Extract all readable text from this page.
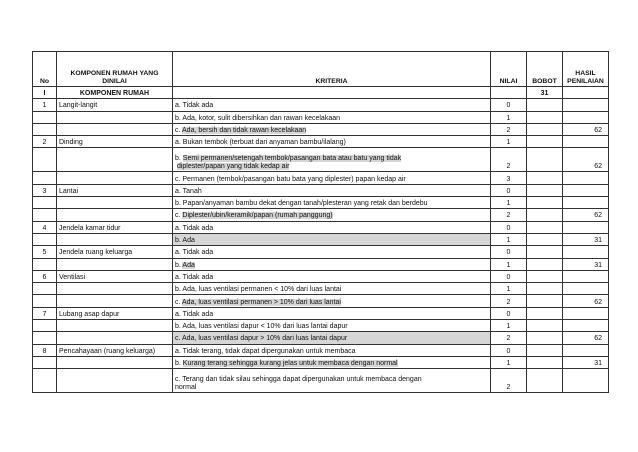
No	KOMPONEN RUMAH YANG DINILAI	KRITERIA	NILAI	BOBOT	HASIL PENILAIAN
I	KOMPONEN RUMAH			31	
1	Langit-langit	a. Tidak ada	0		
		b. Ada, kotor, sulit dibersihkan dan rawan kecelakaan	1		
		c. Ada, bersih dan tidak rawan kecelakaan	2		62
2	Dinding	a. Bukan tembok (terbuat dari anyaman bambu/ilalang)	1		
		b. Semi permanen/setengah tembok/pasangan bata atau batu yang tidak
diplester/papan yang tidak kedap air	2		62
		c. Permanen (tembok/pasangan batu bata yang diplester) papan kedap air	3		
3	Lantai	a. Tanah	0		
		b. Papan/anyaman bambu dekat dengan tanah/plesteran yang retak dan berdebu	1		
		c. Diplester/ubin/keramik/papan (rumah panggung)	2		62
4	Jendela kamar tidur	a. Tidak ada	0		
		b. Ada	1		31
5	Jendela ruang keluarga	a. Tidak ada	0		
		b. Ada	1		31
6	Ventilasi	a. Tidak ada	0		
		b. Ada, luas ventilasi permanen < 10% dari luas lantai	1		
		c. Ada, luas ventilasi permanen > 10% dari luas lantai	2		62
7	Lubang asap dapur	a. Tidak ada	0		
		b. Ada, luas ventilasi dapur < 10% dari luas lantai dapur	1		
		c. Ada, luas ventilasi dapur > 10% dari luas lantai dapur	2		62
8	Pencahayaan (ruang keluarga)	a. Tidak terang, tidak dapat dipergunakan untuk membaca	0		
		b. Kurang terang sehingga kurang jelas untuk membaca dengan normal	1		31
		c. Terang dan tidak silau sehingga dapat dipergunakan untuk membaca dengan
normal	2		
